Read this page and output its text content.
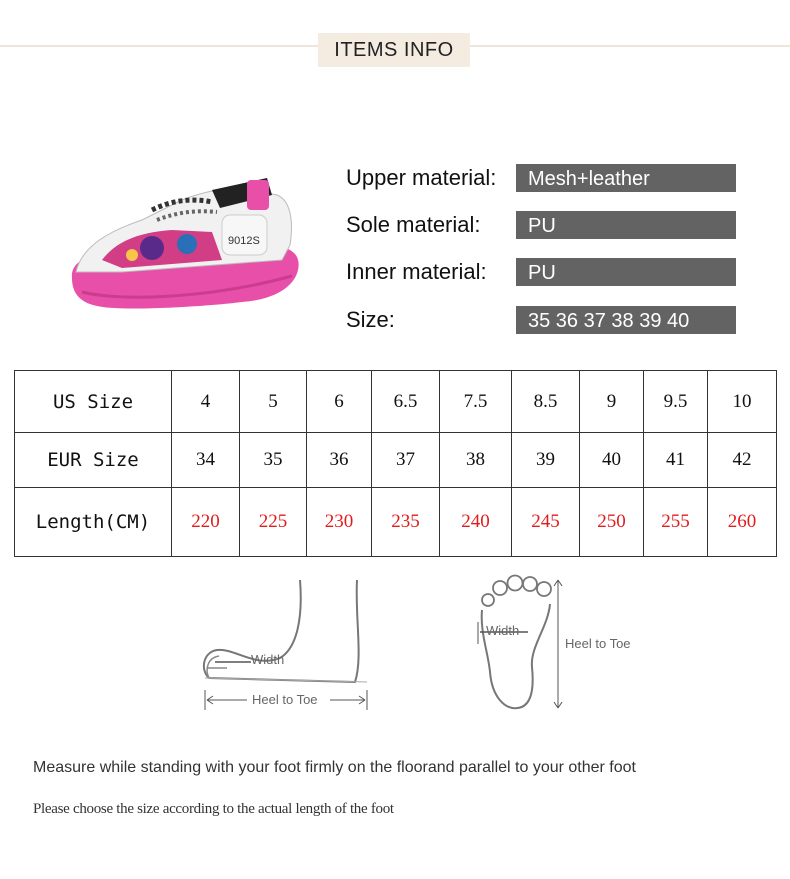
ITEMS INFO
9012S
Upper material:	Mesh+leather
Sole material:	PU
Inner material:	PU
Size:	35 36 37 38 39 40
US Size	4	5	6	6.5	7.5	8.5	9	9.5	10
EUR Size	34	35	36	37	38	39	40	41	42
Length(CM)	220	225	230	235	240	245	250	255	260
Width
Heel to Toe
Width
Heel to Toe
Measure while standing with your foot firmly on the floorand parallel to your other foot
Please choose the size according to the actual length of the foot
